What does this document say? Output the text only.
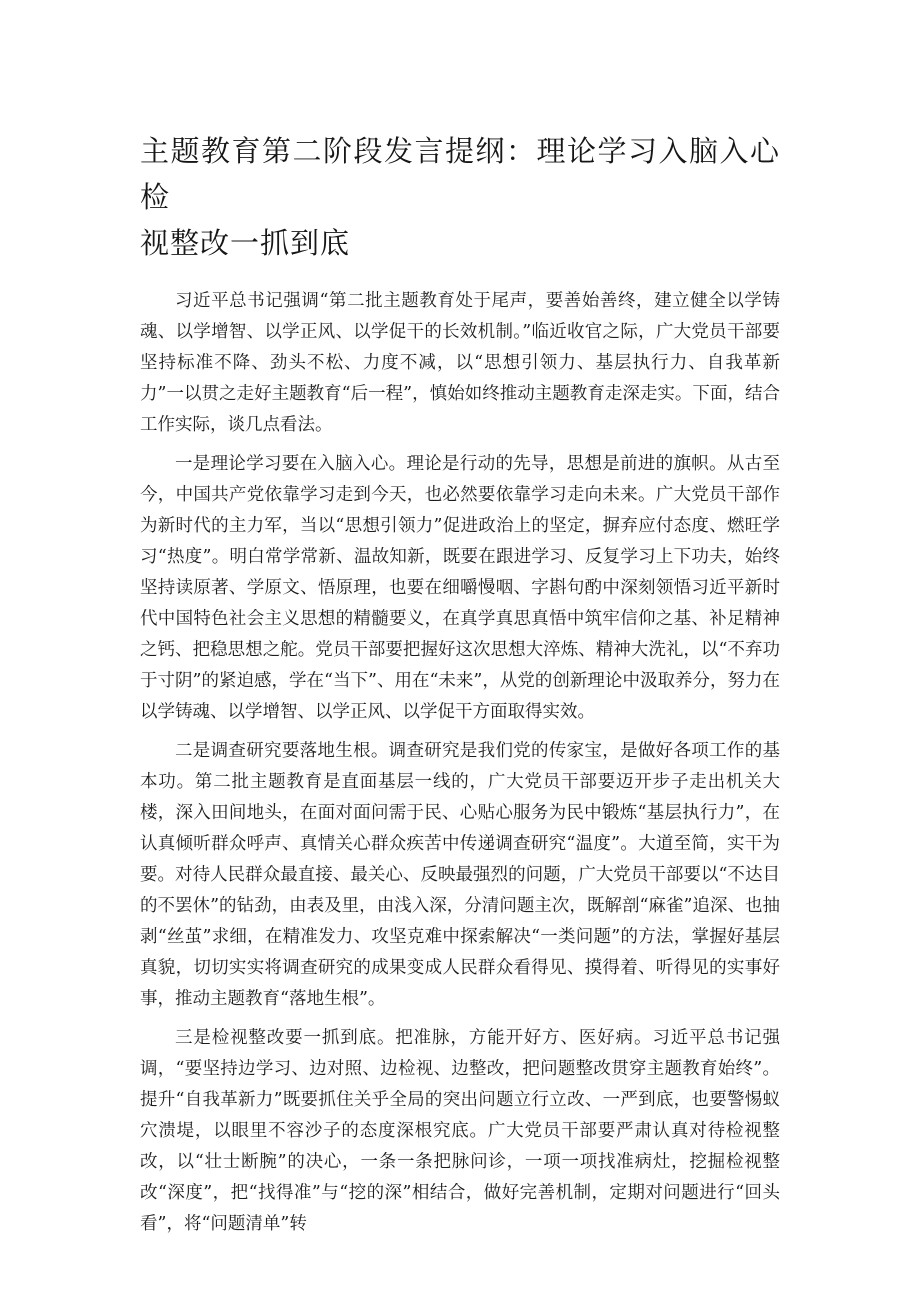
主题教育第二阶段发言提纲：理论学习入脑入心检
视整改一抓到底

习近平总书记强调“第二批主题教育处于尾声，要善始善终，建立健全以学铸魂、以学增智、以学正风、以学促干的长效机制。”临近收官之际，广大党员干部要坚持标准不降、劲头不松、力度不减，以“思想引领力、基层执行力、自我革新力”一以贯之走好主题教育“后一程”，慎始如终推动主题教育走深走实。下面，结合工作实际，谈几点看法。

一是理论学习要在入脑入心。理论是行动的先导，思想是前进的旗帜。从古至今，中国共产党依靠学习走到今天，也必然要依靠学习走向未来。广大党员干部作为新时代的主力军，当以“思想引领力”促进政治上的坚定，摒弃应付态度、燃旺学习“热度”。明白常学常新、温故知新，既要在跟进学习、反复学习上下功夫，始终坚持读原著、学原文、悟原理，也要在细嚼慢咽、字斟句酌中深刻领悟习近平新时代中国特色社会主义思想的精髓要义，在真学真思真悟中筑牢信仰之基、补足精神之钙、把稳思想之舵。党员干部要把握好这次思想大淬炼、精神大洗礼，以“不弃功于寸阴”的紧迫感，学在“当下”、用在“未来”，从党的创新理论中汲取养分，努力在以学铸魂、以学增智、以学正风、以学促干方面取得实效。

二是调查研究要落地生根。调查研究是我们党的传家宝，是做好各项工作的基本功。第二批主题教育是直面基层一线的，广大党员干部要迈开步子走出机关大楼，深入田间地头，在面对面问需于民、心贴心服务为民中锻炼“基层执行力”，在认真倾听群众呼声、真情关心群众疾苦中传递调查研究“温度”。大道至简，实干为要。对待人民群众最直接、最关心、反映最强烈的问题，广大党员干部要以“不达目的不罢休”的钻劲，由表及里，由浅入深，分清问题主次，既解剖“麻雀”追深、也抽剥“丝茧”求细，在精准发力、攻坚克难中探索解决“一类问题”的方法，掌握好基层真貌，切切实实将调查研究的成果变成人民群众看得见、摸得着、听得见的实事好事，推动主题教育“落地生根”。

三是检视整改要一抓到底。把准脉，方能开好方、医好病。习近平总书记强调，“要坚持边学习、边对照、边检视、边整改，把问题整改贯穿主题教育始终”。提升“自我革新力”既要抓住关乎全局的突出问题立行立改、一严到底，也要警惕蚁穴溃堤，以眼里不容沙子的态度深根究底。广大党员干部要严肃认真对待检视整改，以“壮士断腕”的决心，一条一条把脉问诊，一项一项找准病灶，挖掘检视整改“深度”，把“找得准”与“挖的深”相结合，做好完善机制，定期对问题进行“回头看”，将“问题清单”转
